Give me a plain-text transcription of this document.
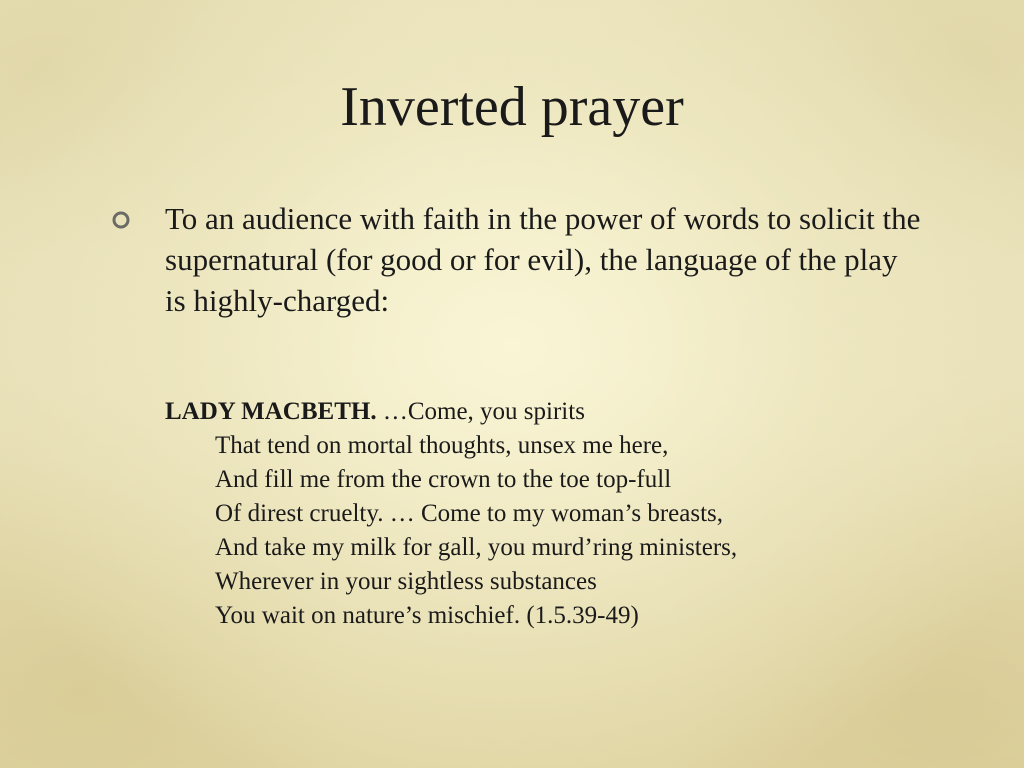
Inverted prayer

To an audience with faith in the power of words to solicit the supernatural (for good or for evil), the language of the play is highly-charged:

LADY MACBETH. …Come, you spirits
That tend on mortal thoughts, unsex me here,
And fill me from the crown to the toe top-full
Of direst cruelty. … Come to my woman’s breasts,
And take my milk for gall, you murd’ring ministers,
Wherever in your sightless substances
You wait on nature’s mischief. (1.5.39-49)
